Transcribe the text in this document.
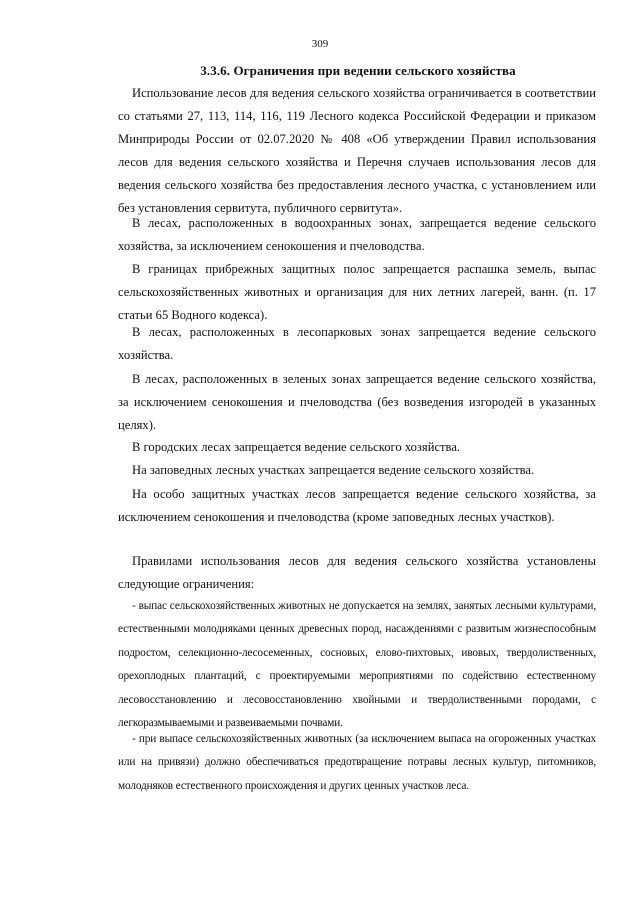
309
3.3.6. Ограничения при ведении сельского хозяйства

Использование лесов для ведения сельского хозяйства ограничивается в соответствии со статьями 27, 113, 114, 116, 119 Лесного кодекса Российской Федерации и приказом Минприроды России от 02.07.2020 № 408 «Об утверждении Правил использования лесов для ведения сельского хозяйства и Перечня случаев использования лесов для ведения сельского хозяйства без предоставления лесного участка, с установлением или без установления сервитута, публичного сервитута».

В лесах, расположенных в водоохранных зонах, запрещается ведение сельского хозяйства, за исключением сенокошения и пчеловодства.

В границах прибрежных защитных полос запрещается распашка земель, выпас сельскохозяйственных животных и организация для них летних лагерей, ванн. (п. 17 статьи 65 Водного кодекса).

В лесах, расположенных в лесопарковых зонах запрещается ведение сельского хозяйства.

В лесах, расположенных в зеленых зонах запрещается ведение сельского хозяйства, за исключением сенокошения и пчеловодства (без возведения изгородей в указанных целях).

В городских лесах запрещается ведение сельского хозяйства.

На заповедных лесных участках запрещается ведение сельского хозяйства.

На особо защитных участках лесов запрещается ведение сельского хозяйства, за исключением сенокошения и пчеловодства (кроме заповедных лесных участков).

Правилами использования лесов для ведения сельского хозяйства установлены следующие ограничения:

- выпас сельскохозяйственных животных не допускается на землях, занятых лесными культурами, естественными молодняками ценных древесных пород, насаждениями с развитым жизнеспособным подростом, селекционно-лесосеменных, сосновых, елово-пихтовых, ивовых, твердолиственных, орехоплодных плантаций, с проектируемыми мероприятиями по содействию естественному лесовосстановлению и лесовосстановлению хвойными и твердолиственными породами, с легкоразмываемыми и развеиваемыми почвами.

- при выпасе сельскохозяйственных животных (за исключением выпаса на огороженных участках или на привязи) должно обеспечиваться предотвращение потравы лесных культур, питомников, молодняков естественного происхождения и других ценных участков леса.
